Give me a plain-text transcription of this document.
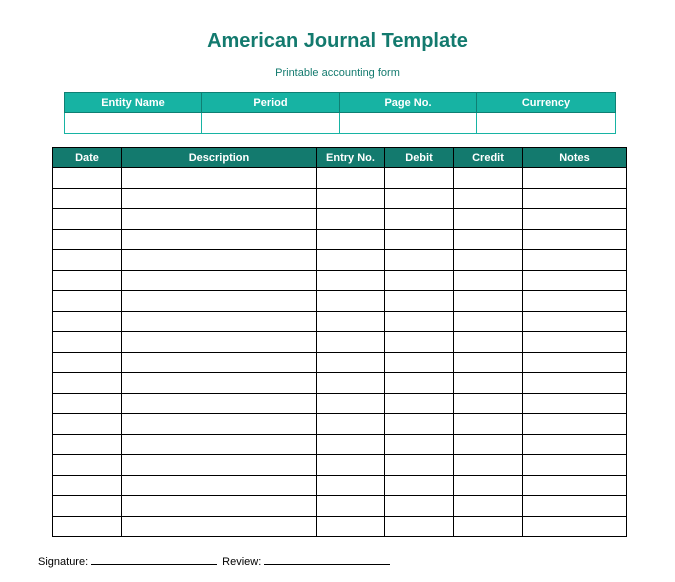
American Journal Template
Printable accounting form
Entity Name	Period	Page No.	Currency

Date	Description	Entry No.	Debit	Credit	Notes

Signature:	Review:
